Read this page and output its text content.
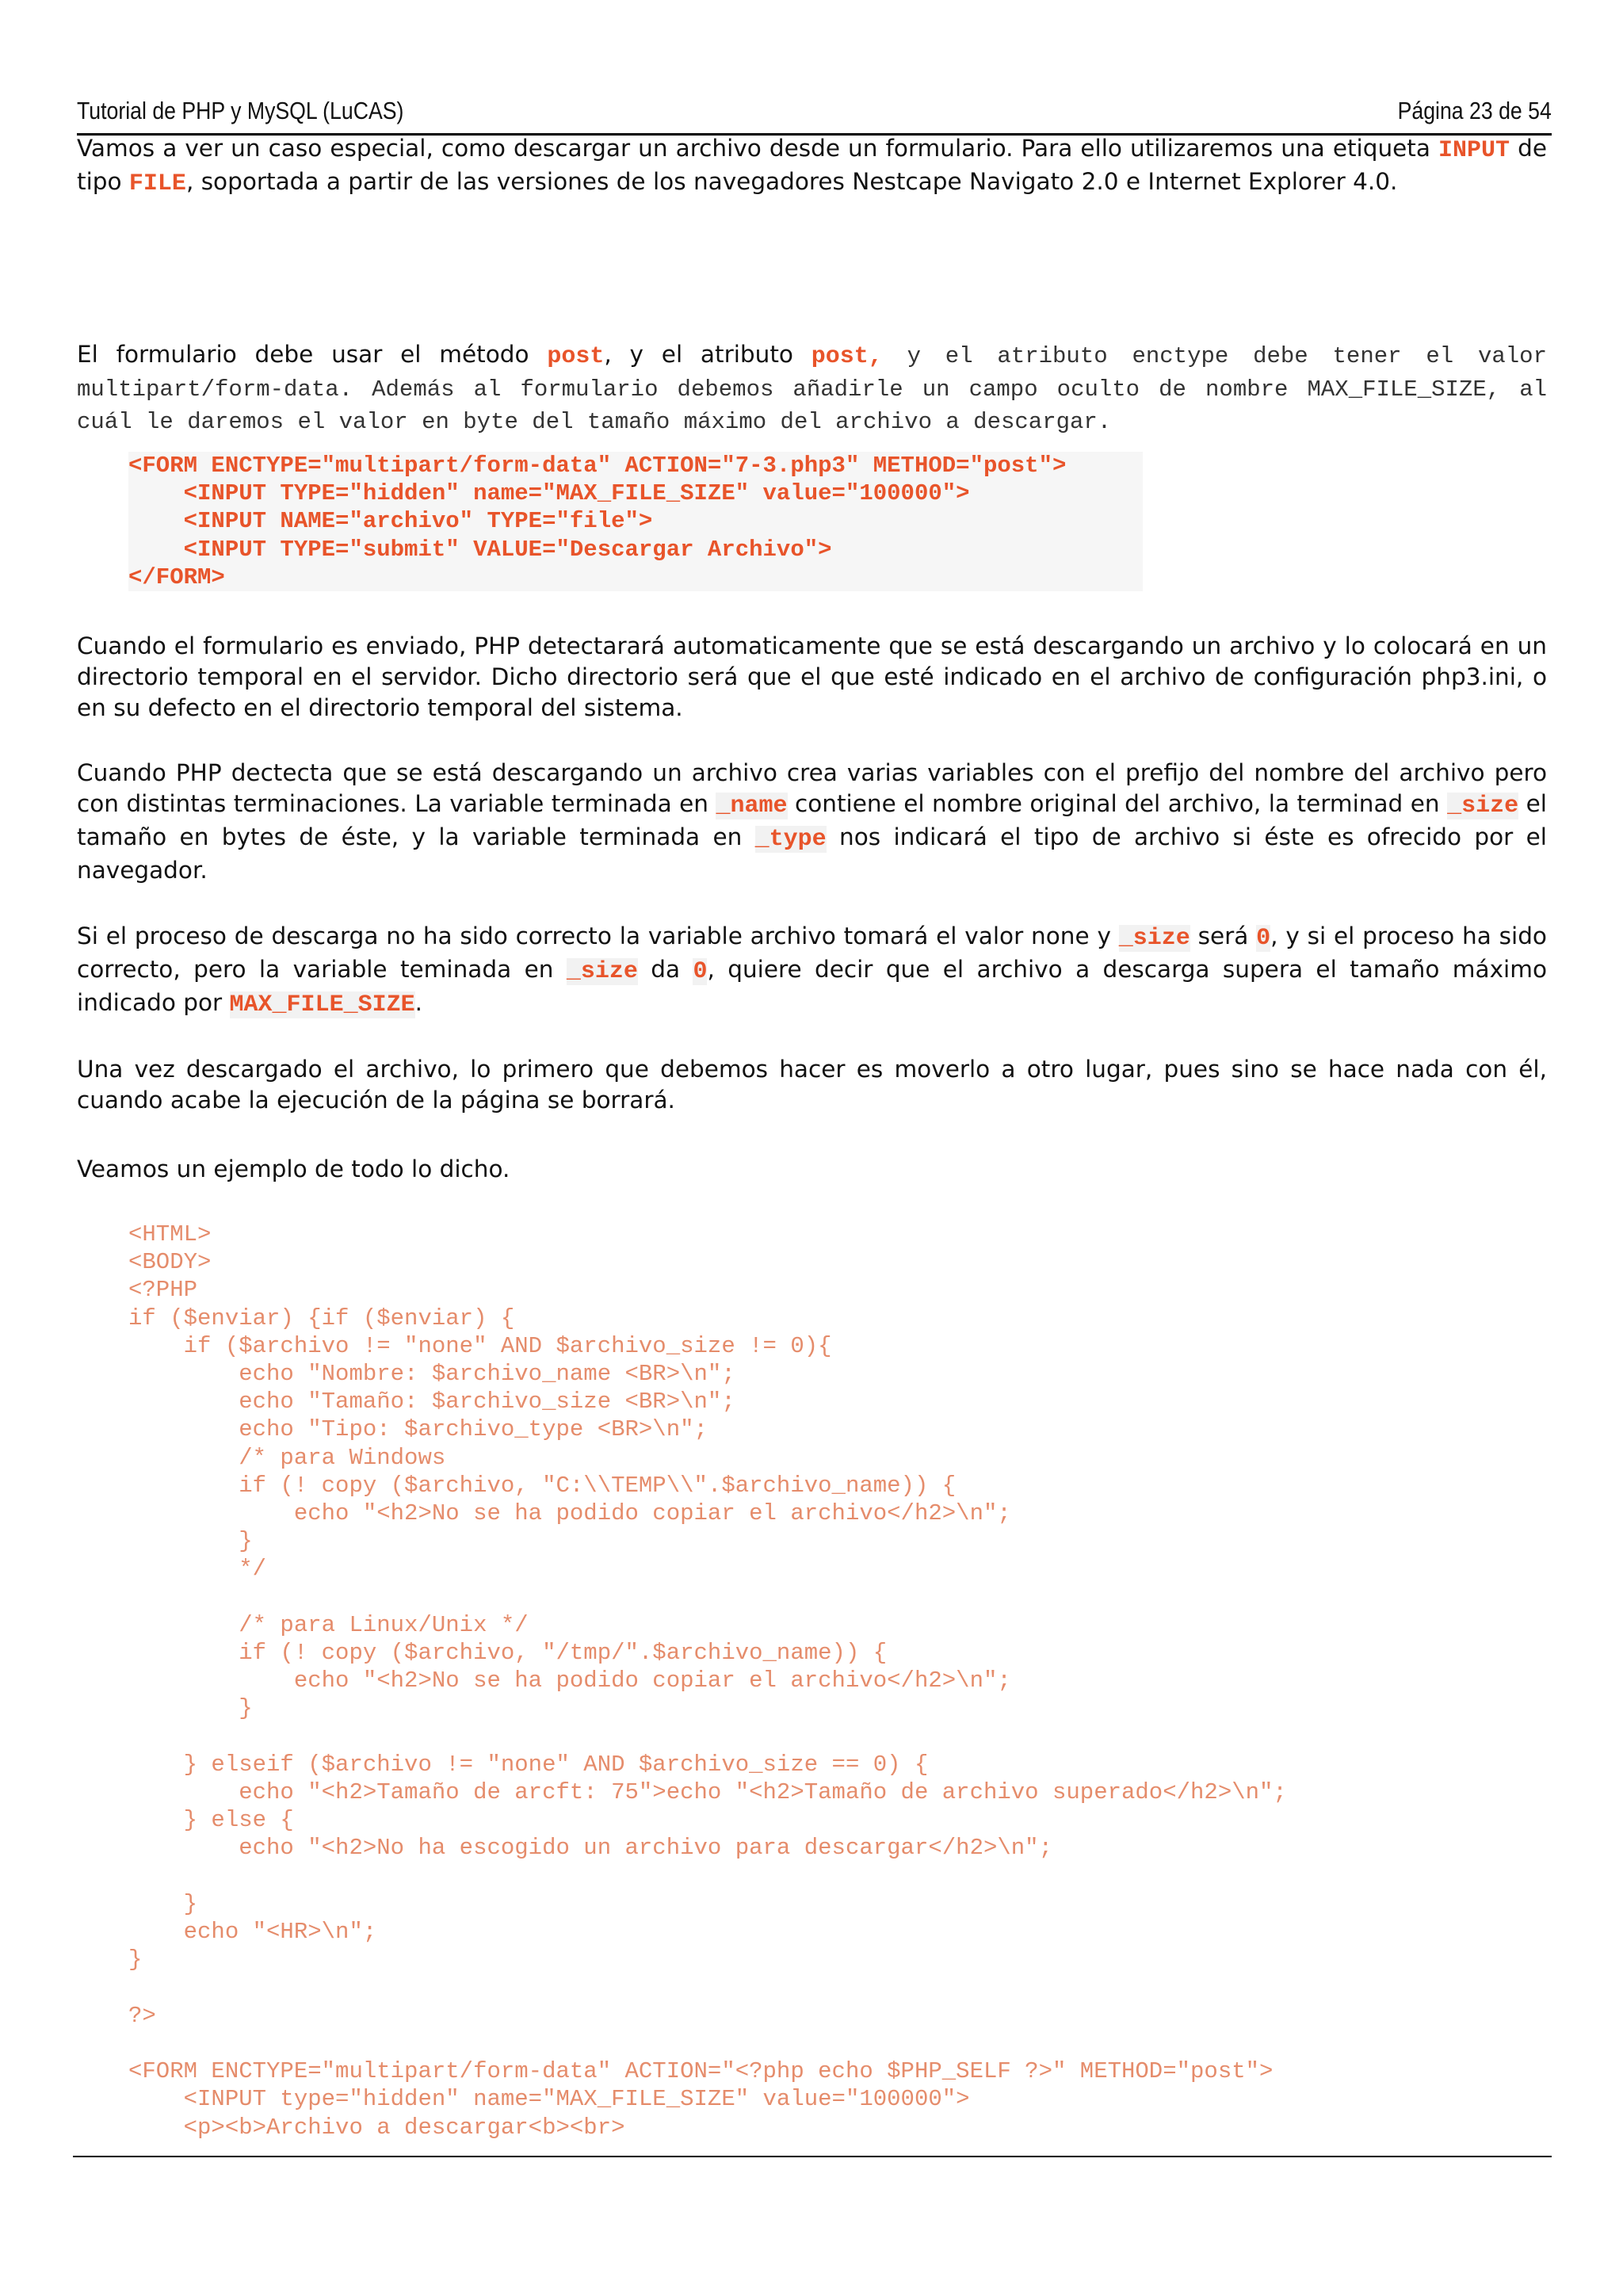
Tutorial de PHP y MySQL (LuCAS)	Página 23 de 54

Vamos a ver un caso especial, como descargar un archivo desde un formulario. Para ello utilizaremos una etiqueta INPUT de tipo FILE, soportada a partir de las versiones de los navegadores Nestcape Navigato 2.0 e Internet Explorer 4.0.

El formulario debe usar el método post, y el atributo post, y el atributo enctype debe tener el valor multipart/form-data. Además al formulario debemos añadirle un campo oculto de nombre MAX_FILE_SIZE, al cuál le daremos el valor en byte del tamaño máximo del archivo a descargar.

<FORM ENCTYPE="multipart/form-data" ACTION="7-3.php3" METHOD="post">
<INPUT TYPE="hidden" name="MAX_FILE_SIZE" value="100000">
<INPUT NAME="archivo" TYPE="file">
<INPUT TYPE="submit" VALUE="Descargar Archivo">
</FORM>

Cuando el formulario es enviado, PHP detectarará automaticamente que se está descargando un archivo y lo colocará en un directorio temporal en el servidor. Dicho directorio será que el que esté indicado en el archivo de configuración php3.ini, o en su defecto en el directorio temporal del sistema.

Cuando PHP dectecta que se está descargando un archivo crea varias variables con el prefijo del nombre del archivo pero con distintas terminaciones. La variable terminada en _name contiene el nombre original del archivo, la terminad en _size el tamaño en bytes de éste, y la variable terminada en _type nos indicará el tipo de archivo si éste es ofrecido por el navegador.

Si el proceso de descarga no ha sido correcto la variable archivo tomará el valor none y _size será 0, y si el proceso ha sido correcto, pero la variable teminada en _size da 0, quiere decir que el archivo a descarga supera el tamaño máximo indicado por MAX_FILE_SIZE.

Una vez descargado el archivo, lo primero que debemos hacer es moverlo a otro lugar, pues sino se hace nada con él, cuando acabe la ejecución de la página se borrará.

Veamos un ejemplo de todo lo dicho.

<HTML>
<BODY>
<?PHP
if ($enviar) {if ($enviar) {
if ($archivo != "none" AND $archivo_size != 0){
echo "Nombre: $archivo_name <BR>\n";
echo "Tamaño: $archivo_size <BR>\n";
echo "Tipo: $archivo_type <BR>\n";
/* para Windows
if (! copy ($archivo, "C:\\TEMP\\".$archivo_name)) {
echo "<h2>No se ha podido copiar el archivo</h2>\n";
}
*/

/* para Linux/Unix */
if (! copy ($archivo, "/tmp/".$archivo_name)) {
echo "<h2>No se ha podido copiar el archivo</h2>\n";
}

} elseif ($archivo != "none" AND $archivo_size == 0) {
echo "<h2>Tamaño de arcft: 75">echo "<h2>Tamaño de archivo superado</h2>\n";
} else {
echo "<h2>No ha escogido un archivo para descargar</h2>\n";

}
echo "<HR>\n";
}

?>

<FORM ENCTYPE="multipart/form-data" ACTION="<?php echo $PHP_SELF ?>" METHOD="post">
<INPUT type="hidden" name="MAX_FILE_SIZE" value="100000">
<p><b>Archivo a descargar<b><br>
